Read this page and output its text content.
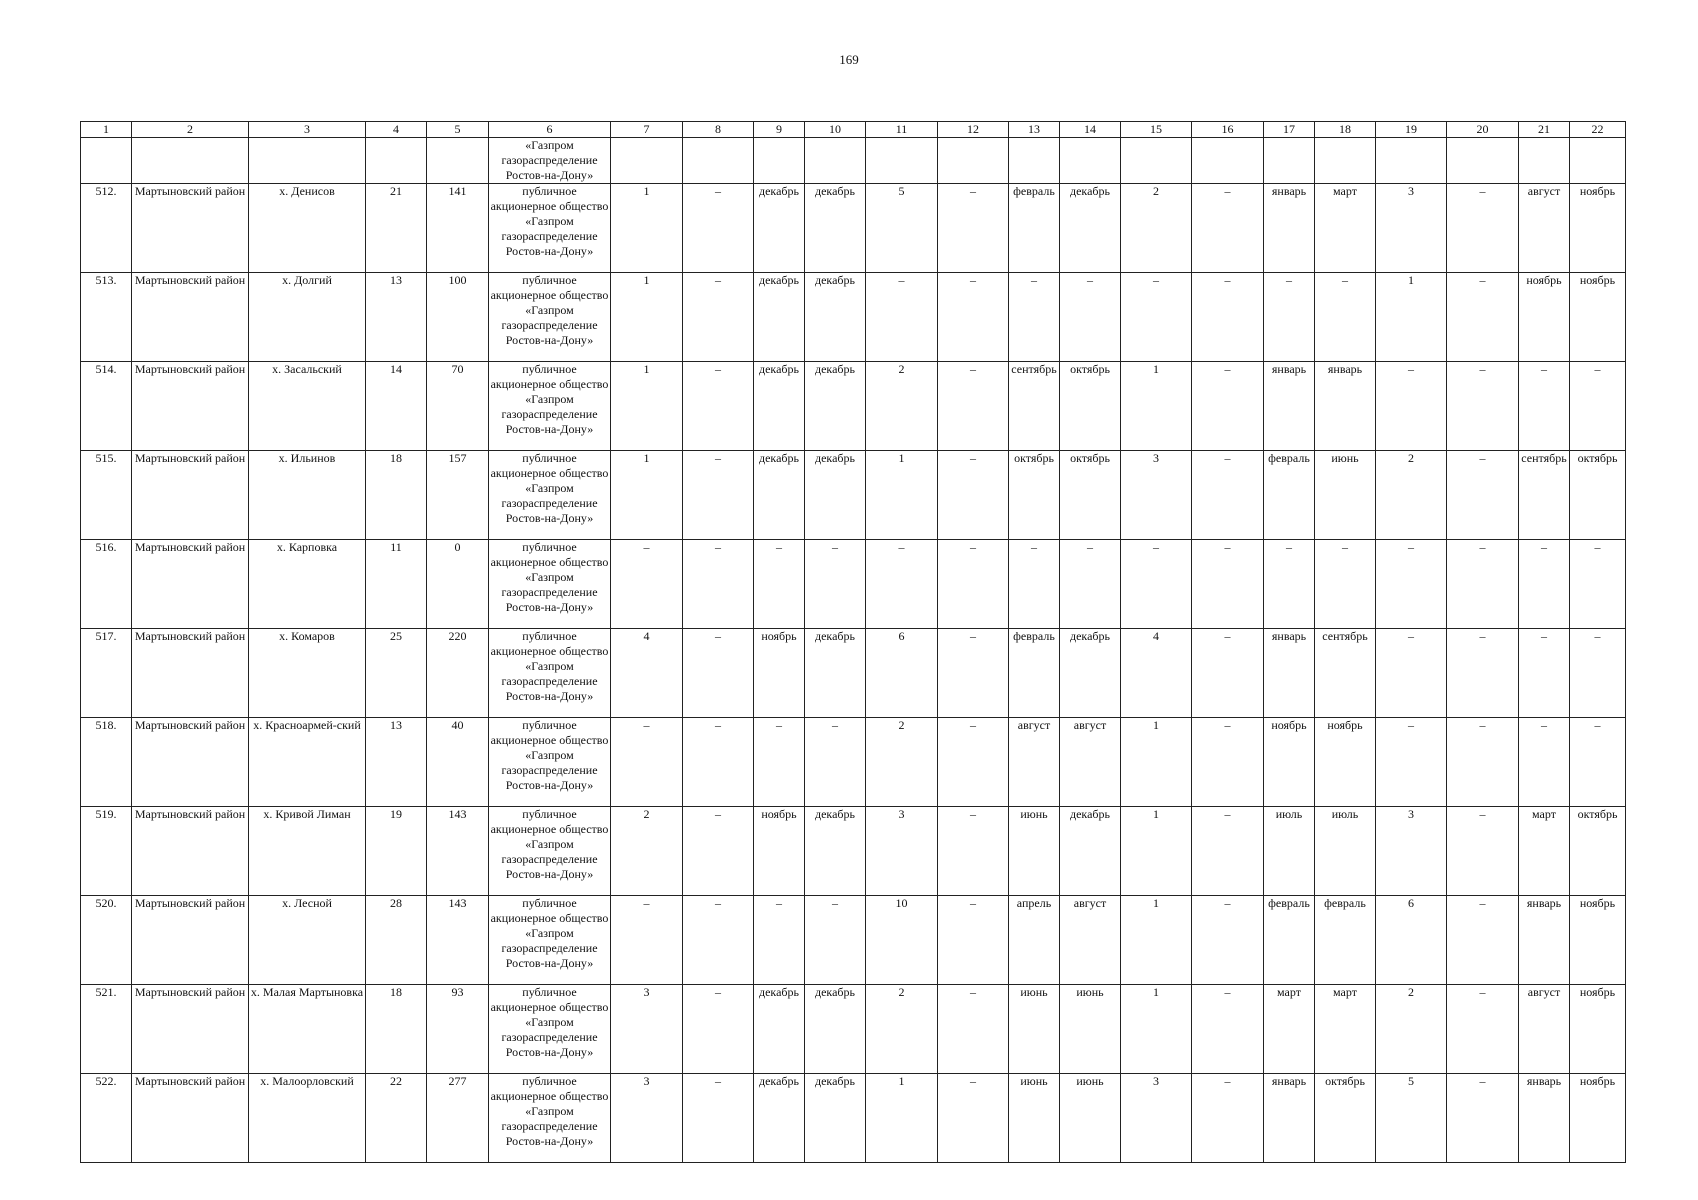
169
1	2	3	4	5	6	7	8	9	10	11	12	13	14	15	16	17	18	19	20	21	22
					«Газпром газораспределение Ростов-на-Дону»																
512.	Мартыновский район	х. Денисов	21	141	публичное акционерное общество «Газпром газораспределение Ростов-на-Дону»	1	–	декабрь	декабрь	5	–	февраль	декабрь	2	–	январь	март	3	–	август	ноябрь
513.	Мартыновский район	х. Долгий	13	100	публичное акционерное общество «Газпром газораспределение Ростов-на-Дону»	1	–	декабрь	декабрь	–	–	–	–	–	–	–	–	1	–	ноябрь	ноябрь
514.	Мартыновский район	х. Засальский	14	70	публичное акционерное общество «Газпром газораспределение Ростов-на-Дону»	1	–	декабрь	декабрь	2	–	сентябрь	октябрь	1	–	январь	январь	–	–	–	–
515.	Мартыновский район	х. Ильинов	18	157	публичное акционерное общество «Газпром газораспределение Ростов-на-Дону»	1	–	декабрь	декабрь	1	–	октябрь	октябрь	3	–	февраль	июнь	2	–	сентябрь	октябрь
516.	Мартыновский район	х. Карповка	11	0	публичное акционерное общество «Газпром газораспределение Ростов-на-Дону»	–	–	–	–	–	–	–	–	–	–	–	–	–	–	–	–
517.	Мартыновский район	х. Комаров	25	220	публичное акционерное общество «Газпром газораспределение Ростов-на-Дону»	4	–	ноябрь	декабрь	6	–	февраль	декабрь	4	–	январь	сентябрь	–	–	–	–
518.	Мартыновский район	х. Красноармей-ский	13	40	публичное акционерное общество «Газпром газораспределение Ростов-на-Дону»	–	–	–	–	2	–	август	август	1	–	ноябрь	ноябрь	–	–	–	–
519.	Мартыновский район	х. Кривой Лиман	19	143	публичное акционерное общество «Газпром газораспределение Ростов-на-Дону»	2	–	ноябрь	декабрь	3	–	июнь	декабрь	1	–	июль	июль	3	–	март	октябрь
520.	Мартыновский район	х. Лесной	28	143	публичное акционерное общество «Газпром газораспределение Ростов-на-Дону»	–	–	–	–	10	–	апрель	август	1	–	февраль	февраль	6	–	январь	ноябрь
521.	Мартыновский район	х. Малая Мартыновка	18	93	публичное акционерное общество «Газпром газораспределение Ростов-на-Дону»	3	–	декабрь	декабрь	2	–	июнь	июнь	1	–	март	март	2	–	август	ноябрь
522.	Мартыновский район	х. Малоорловский	22	277	публичное акционерное общество «Газпром газораспределение Ростов-на-Дону»	3	–	декабрь	декабрь	1	–	июнь	июнь	3	–	январь	октябрь	5	–	январь	ноябрь
